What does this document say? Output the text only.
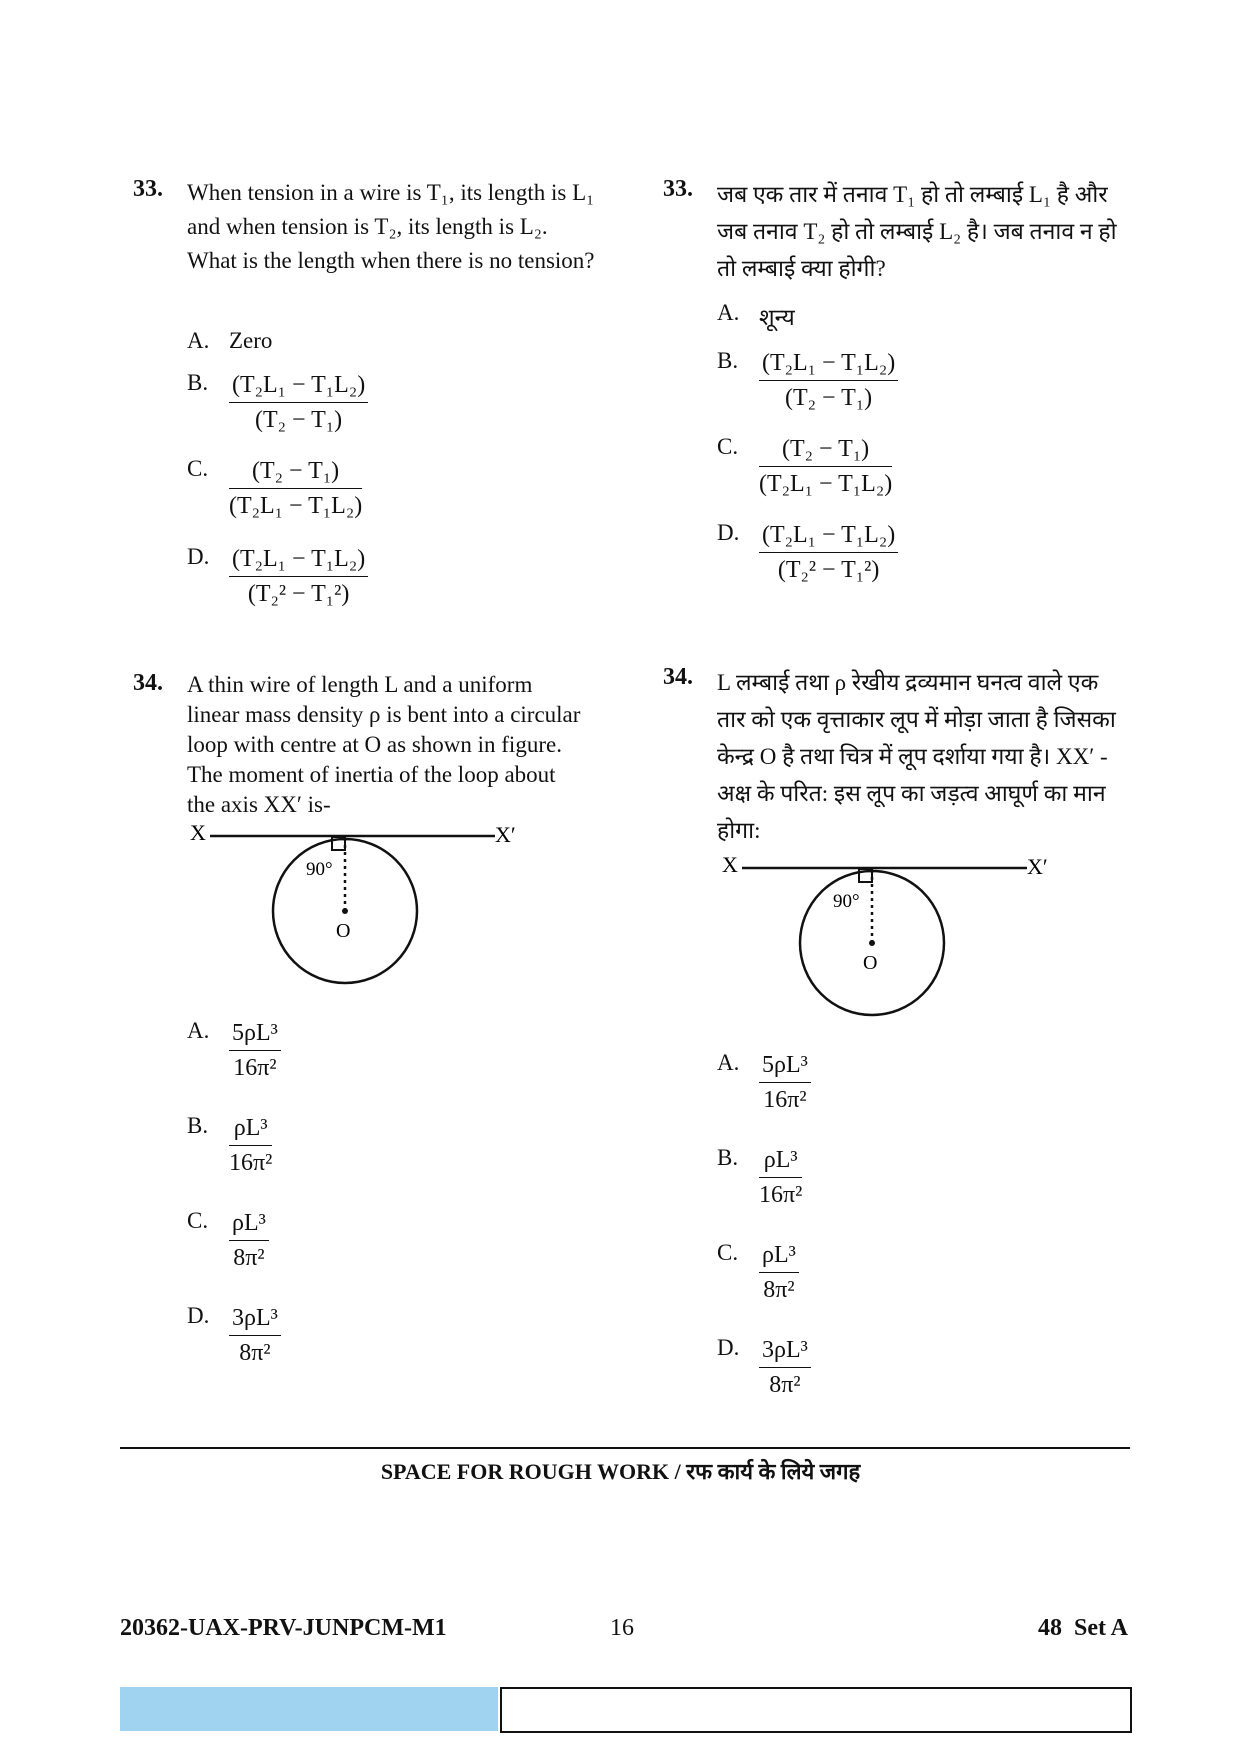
33. When tension in a wire is T₁, its length is L₁ and when tension is T₂, its length is L₂. What is the length when there is no tension?
A. Zero
B. $\frac{\text{(T₂L₁ − T₁L₂)}}{\text{(T₂ − T₁)}}$
C. $\frac{\text{(T₂ − T₁)}}{\text{(T₂L₁ − T₁L₂)}}$
D. $\frac{\text{(T₂L₁ − T₁L₂)}}{\text{(T₂² − T₁²)}}$
34. A thin wire of length L and a uniform linear mass density ρ is bent into a circular loop with centre at O as shown in figure. The moment of inertia of the loop about the axis XX′ is-
X	X′
90°
O
A. $\frac{\text{5ρL³}}{\text{16π²}}$
B. $\frac{\text{ρL³}}{\text{16π²}}$
C. $\frac{\text{ρL³}}{\text{8π²}}$
D. $\frac{\text{3ρL³}}{\text{8π²}}$
33. जब एक तार में तनाव T₁ हो तो लम्बाई L₁ है और जब तनाव T₂ हो तो लम्बाई L₂ है। जब तनाव न हो तो लम्बाई क्या होगी?
A. शून्य
B. $\frac{\text{(T₂L₁ − T₁L₂)}}{\text{(T₂ − T₁)}}$
C. $\frac{\text{(T₂ − T₁)}}{\text{(T₂L₁ − T₁L₂)}}$
D. $\frac{\text{(T₂L₁ − T₁L₂)}}{\text{(T₂² − T₁²)}}$
34. L लम्बाई तथा ρ रेखीय द्रव्यमान घनत्व वाले एक तार को एक वृत्ताकार लूप में मोड़ा जाता है जिसका केन्द्र O है तथा चित्र में लूप दर्शाया गया है। XX′ - अक्ष के परित: इस लूप का जड़त्व आघूर्ण का मान होगा:
X	X′
90°
O
A. $\frac{\text{5ρL³}}{\text{16π²}}$
B. $\frac{\text{ρL³}}{\text{16π²}}$
C. $\frac{\text{ρL³}}{\text{8π²}}$
D. $\frac{\text{3ρL³}}{\text{8π²}}$
SPACE FOR ROUGH WORK / रफ कार्य के लिये जगह
20362-UAX-PRV-JUNPCM-M1	16	48  Set A
